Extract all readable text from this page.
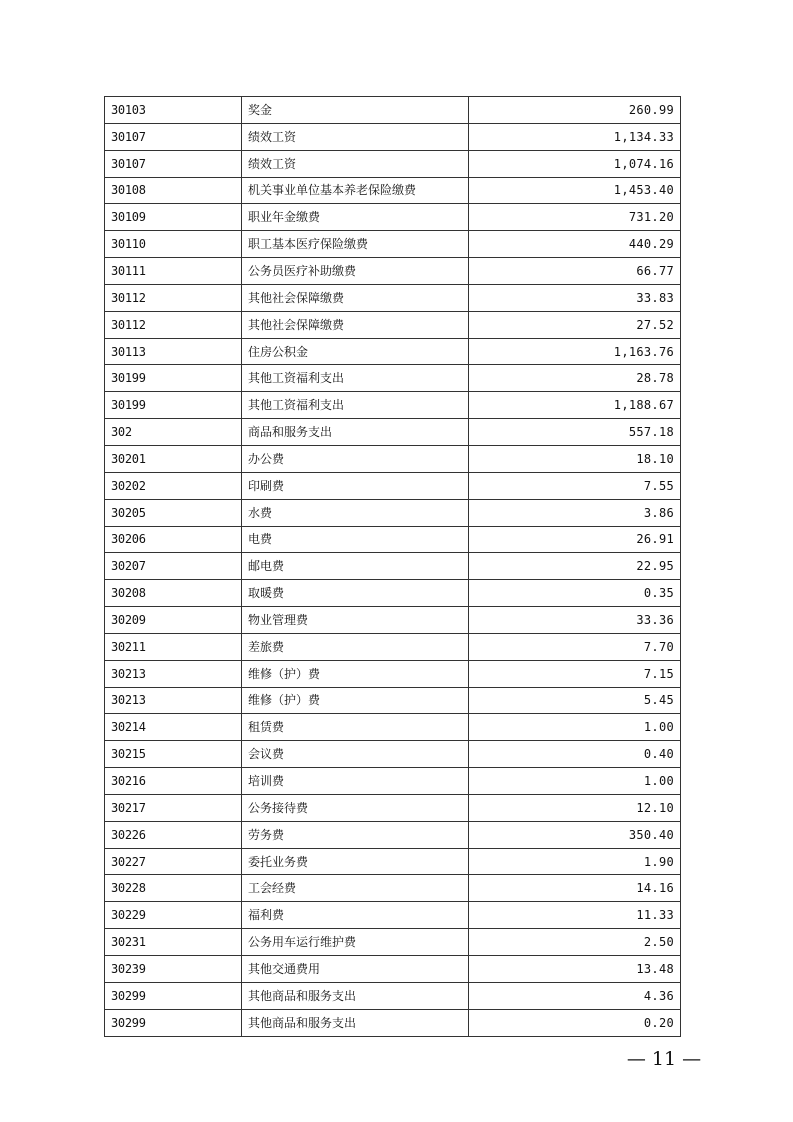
30103	奖金	260.99
30107	绩效工资	1,134.33
30107	绩效工资	1,074.16
30108	机关事业单位基本养老保险缴费	1,453.40
30109	职业年金缴费	731.20
30110	职工基本医疗保险缴费	440.29
30111	公务员医疗补助缴费	66.77
30112	其他社会保障缴费	33.83
30112	其他社会保障缴费	27.52
30113	住房公积金	1,163.76
30199	其他工资福利支出	28.78
30199	其他工资福利支出	1,188.67
302	商品和服务支出	557.18
30201	办公费	18.10
30202	印刷费	7.55
30205	水费	3.86
30206	电费	26.91
30207	邮电费	22.95
30208	取暖费	0.35
30209	物业管理费	33.36
30211	差旅费	7.70
30213	维修（护）费	7.15
30213	维修（护）费	5.45
30214	租赁费	1.00
30215	会议费	0.40
30216	培训费	1.00
30217	公务接待费	12.10
30226	劳务费	350.40
30227	委托业务费	1.90
30228	工会经费	14.16
30229	福利费	11.33
30231	公务用车运行维护费	2.50
30239	其他交通费用	13.48
30299	其他商品和服务支出	4.36
30299	其他商品和服务支出	0.20
— 11 —
